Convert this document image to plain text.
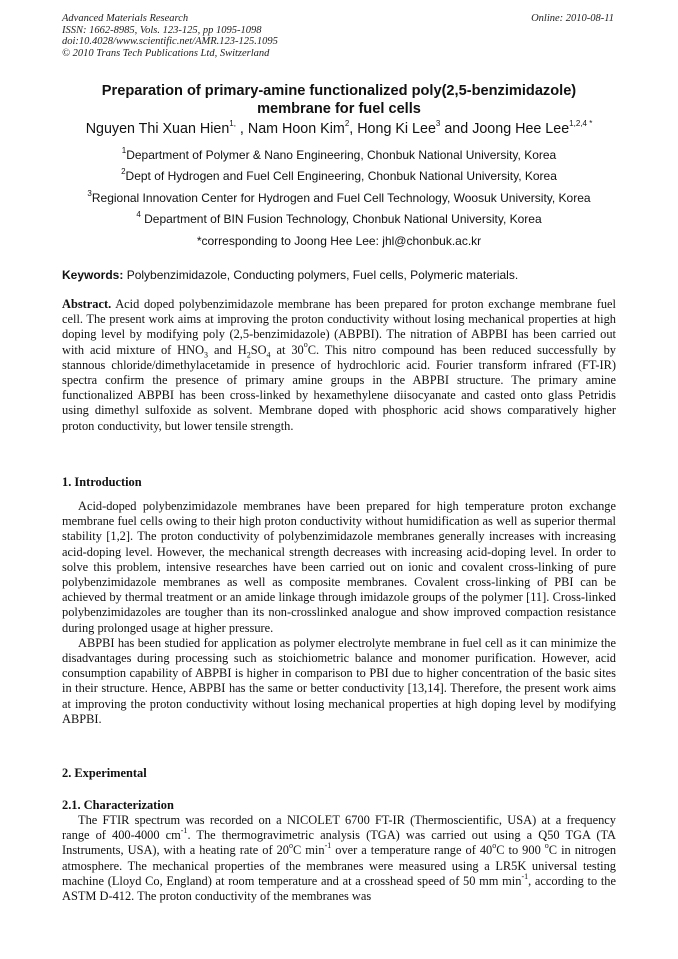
Advanced Materials Research
ISSN: 1662-8985, Vols. 123-125, pp 1095-1098
doi:10.4028/www.scientific.net/AMR.123-125.1095
© 2010 Trans Tech Publications Ltd, Switzerland
Online: 2010-08-11
Preparation of primary-amine functionalized poly(2,5-benzimidazole)
membrane for fuel cells
Nguyen Thi Xuan Hien$^{1,}$ , Nam Hoon Kim$^2$, Hong Ki Lee$^3$ and Joong Hee Lee$^{1,2,4 *}$
$^1$Department of Polymer & Nano Engineering, Chonbuk National University, Korea
$^2$Dept of Hydrogen and Fuel Cell Engineering, Chonbuk National University, Korea
$^3$Regional Innovation Center for Hydrogen and Fuel Cell Technology, Woosuk University, Korea
$^4$ Department of BIN Fusion Technology, Chonbuk National University, Korea
*corresponding to Joong Hee Lee: jhl@chonbuk.ac.kr
Keywords: Polybenzimidazole, Conducting polymers, Fuel cells, Polymeric materials.

Abstract. Acid doped polybenzimidazole membrane has been prepared for proton exchange membrane fuel cell. The present work aims at improving the proton conductivity without losing mechanical properties at high doping level by modifying poly (2,5-benzimidazole) (ABPBI). The nitration of ABPBI has been carried out with acid mixture of $HNO_3$ and $H_2SO_4$ at 30$^o$C. This nitro compound has been reduced successfully by stannous chloride/dimethylacetamide in presence of hydrochloric acid. Fourier transform infrared (FT-IR) spectra confirm the presence of primary amine groups in the ABPBI structure. The primary amine functionalized ABPBI has been cross-linked by hexamethylene diisocyanate and casted onto glass Petridis using dimethyl sulfoxide as solvent. Membrane doped with phosphoric acid shows comparatively higher proton conductivity, but lower tensile strength.

1. Introduction

Acid-doped polybenzimidazole membranes have been prepared for high temperature proton exchange membrane fuel cells owing to their high proton conductivity without humidification as well as superior thermal stability [1,2]. The proton conductivity of polybenzimidazole membranes generally increases with increasing acid-doping level. However, the mechanical strength decreases with increasing acid-doping level. In order to solve this problem, intensive researches have been carried out on ionic and covalent cross-linking of pure polybenzimidazole membranes as well as composite membranes. Covalent cross-linking of PBI can be achieved by thermal treatment or an amide linkage through imidazole groups of the polymer [11]. Cross-linked polybenzimidazoles are tougher than its non-crosslinked analogue and show improved compaction resistance during prolonged usage at higher pressure.

ABPBI has been studied for application as polymer electrolyte membrane in fuel cell as it can minimize the disadvantages during processing such as stoichiometric balance and monomer purification. However, acid consumption capability of ABPBI is higher in comparison to PBI due to higher concentration of the basic sites in their structure. Hence, ABPBI has the same or better conductivity [13,14]. Therefore, the present work aims at improving the proton conductivity without losing mechanical properties at high doping level by modifying ABPBI.

2. Experimental
2.1. Characterization

The FTIR spectrum was recorded on a NICOLET 6700 FT-IR (Thermoscientific, USA) at a frequency range of 400-4000 $cm^{-1}$. The thermogravimetric analysis (TGA) was carried out using a Q50 TGA (TA Instruments, USA), with a heating rate of 20$^o$C $\min^{-1}$ over a temperature range of 40$^o$C to 900 $^o$C in nitrogen atmosphere. The mechanical properties of the membranes were measured using a LR5K universal testing machine (Lloyd Co, England) at room temperature and at a crosshead speed of 50 mm $\min^{-1}$, according to the ASTM D-412. The proton conductivity of the membranes was
